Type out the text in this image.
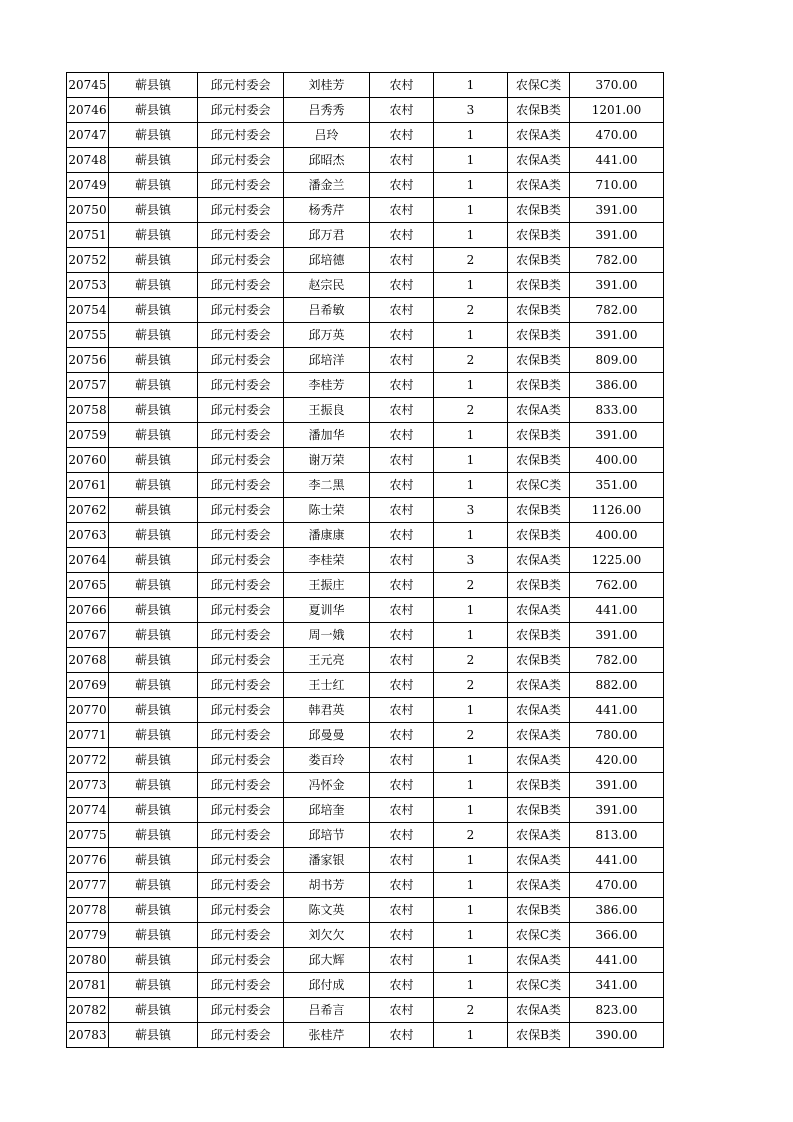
20745	蕲县镇	邱元村委会	刘桂芳	农村	1	农保C类	370.00
20746	蕲县镇	邱元村委会	吕秀秀	农村	3	农保B类	1201.00
20747	蕲县镇	邱元村委会	吕玲	农村	1	农保A类	470.00
20748	蕲县镇	邱元村委会	邱昭杰	农村	1	农保A类	441.00
20749	蕲县镇	邱元村委会	潘金兰	农村	1	农保A类	710.00
20750	蕲县镇	邱元村委会	杨秀芹	农村	1	农保B类	391.00
20751	蕲县镇	邱元村委会	邱万君	农村	1	农保B类	391.00
20752	蕲县镇	邱元村委会	邱培德	农村	2	农保B类	782.00
20753	蕲县镇	邱元村委会	赵宗民	农村	1	农保B类	391.00
20754	蕲县镇	邱元村委会	吕希敏	农村	2	农保B类	782.00
20755	蕲县镇	邱元村委会	邱万英	农村	1	农保B类	391.00
20756	蕲县镇	邱元村委会	邱培洋	农村	2	农保B类	809.00
20757	蕲县镇	邱元村委会	李桂芳	农村	1	农保B类	386.00
20758	蕲县镇	邱元村委会	王振良	农村	2	农保A类	833.00
20759	蕲县镇	邱元村委会	潘加华	农村	1	农保B类	391.00
20760	蕲县镇	邱元村委会	谢万荣	农村	1	农保B类	400.00
20761	蕲县镇	邱元村委会	李二黑	农村	1	农保C类	351.00
20762	蕲县镇	邱元村委会	陈士荣	农村	3	农保B类	1126.00
20763	蕲县镇	邱元村委会	潘康康	农村	1	农保B类	400.00
20764	蕲县镇	邱元村委会	李桂荣	农村	3	农保A类	1225.00
20765	蕲县镇	邱元村委会	王振庄	农村	2	农保B类	762.00
20766	蕲县镇	邱元村委会	夏训华	农村	1	农保A类	441.00
20767	蕲县镇	邱元村委会	周一娥	农村	1	农保B类	391.00
20768	蕲县镇	邱元村委会	王元亮	农村	2	农保B类	782.00
20769	蕲县镇	邱元村委会	王士红	农村	2	农保A类	882.00
20770	蕲县镇	邱元村委会	韩君英	农村	1	农保A类	441.00
20771	蕲县镇	邱元村委会	邱曼曼	农村	2	农保A类	780.00
20772	蕲县镇	邱元村委会	娄百玲	农村	1	农保A类	420.00
20773	蕲县镇	邱元村委会	冯怀金	农村	1	农保B类	391.00
20774	蕲县镇	邱元村委会	邱培奎	农村	1	农保B类	391.00
20775	蕲县镇	邱元村委会	邱培节	农村	2	农保A类	813.00
20776	蕲县镇	邱元村委会	潘家银	农村	1	农保A类	441.00
20777	蕲县镇	邱元村委会	胡书芳	农村	1	农保A类	470.00
20778	蕲县镇	邱元村委会	陈文英	农村	1	农保B类	386.00
20779	蕲县镇	邱元村委会	刘欠欠	农村	1	农保C类	366.00
20780	蕲县镇	邱元村委会	邱大辉	农村	1	农保A类	441.00
20781	蕲县镇	邱元村委会	邱付成	农村	1	农保C类	341.00
20782	蕲县镇	邱元村委会	吕希言	农村	2	农保A类	823.00
20783	蕲县镇	邱元村委会	张桂芹	农村	1	农保B类	390.00
